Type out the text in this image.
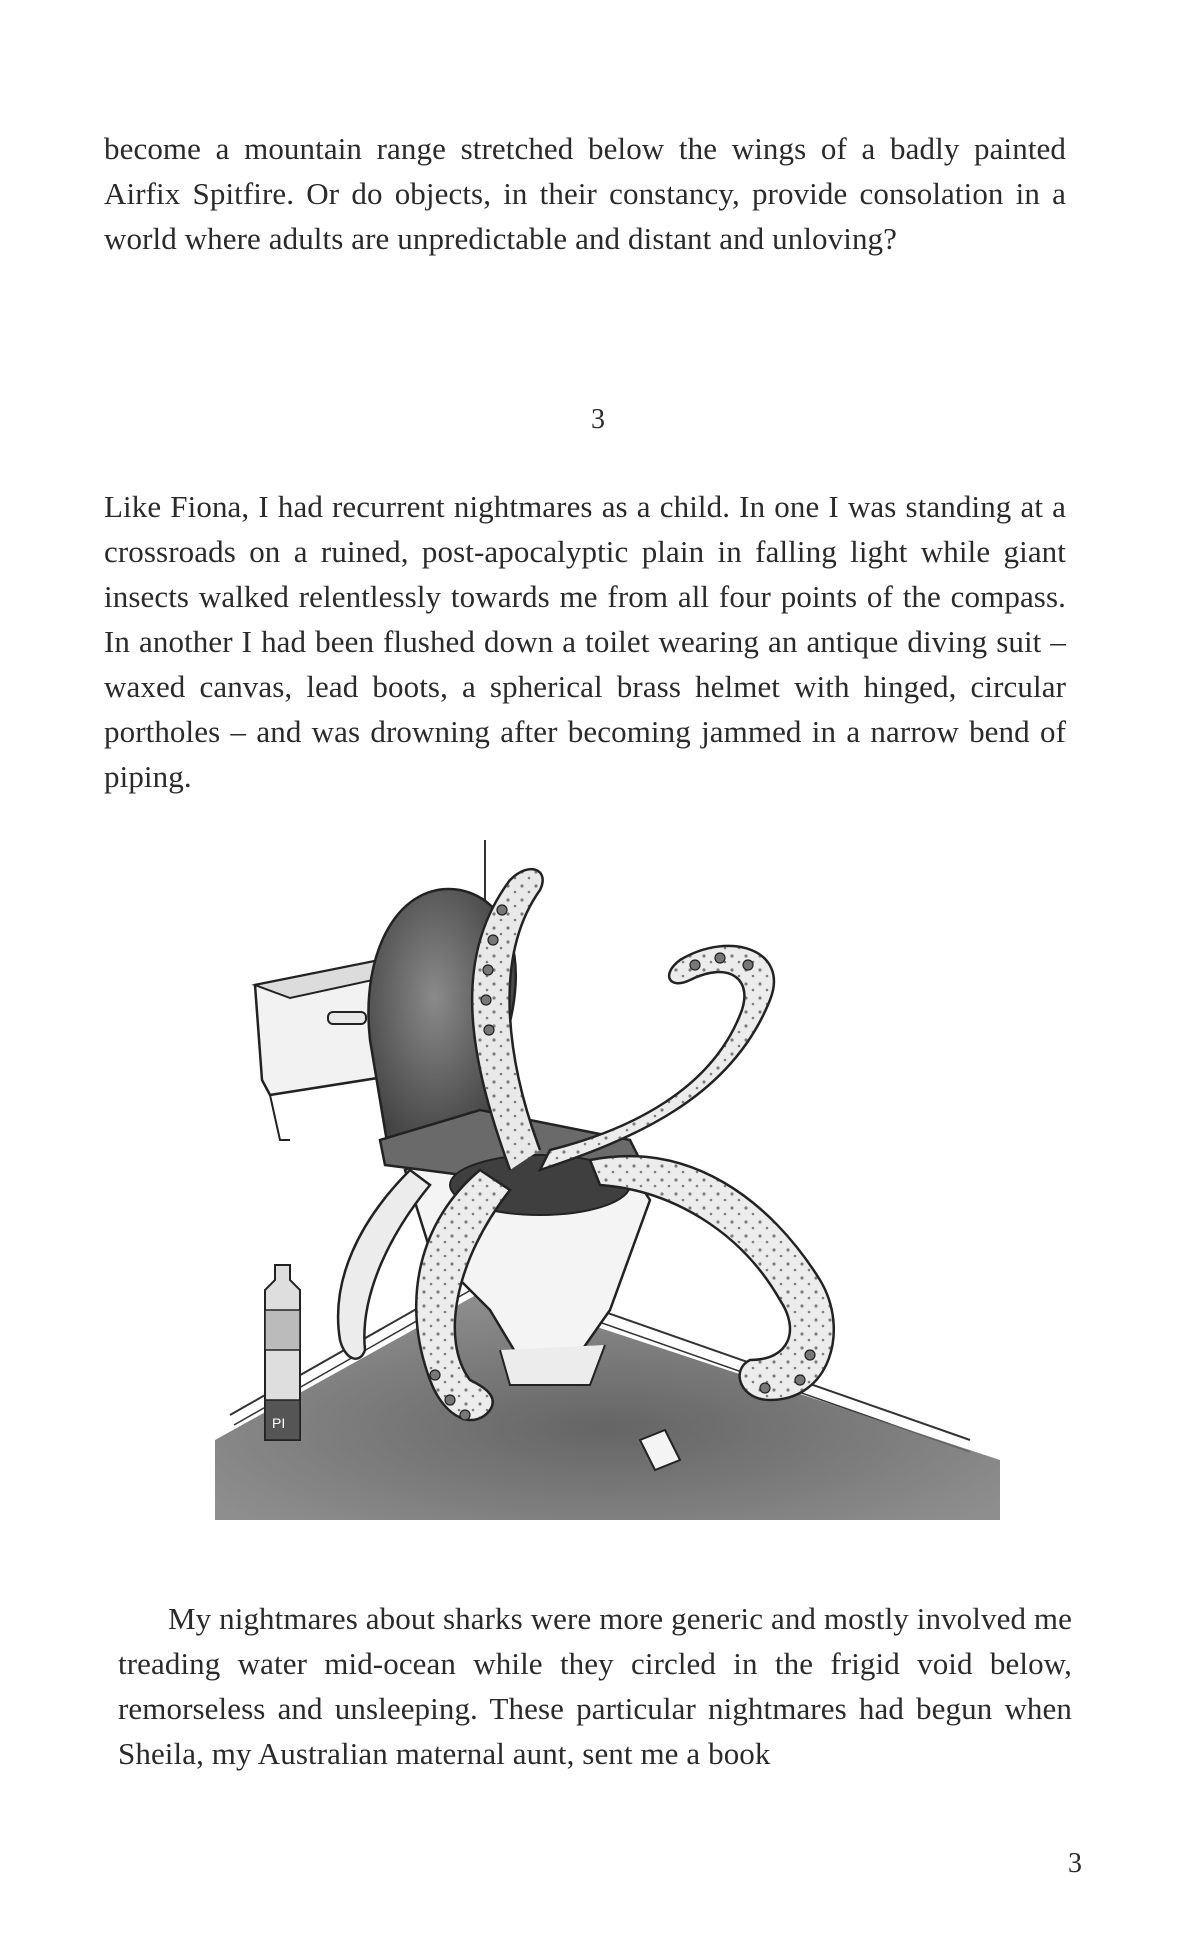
become a mountain range stretched below the wings of a badly painted Airfix Spitfire. Or do objects, in their constancy, provide consolation in a world where adults are unpredictable and distant and unloving?

3

Like Fiona, I had recurrent nightmares as a child. In one I was standing at a crossroads on a ruined, post-apocalyptic plain in falling light while giant insects walked relentlessly towards me from all four points of the compass. In another I had been flushed down a toilet wearing an antique diving suit – waxed canvas, lead boots, a spherical brass helmet with hinged, circular portholes – and was drowning after becoming jammed in a narrow bend of piping.

PI

My nightmares about sharks were more generic and mostly involved me treading water mid-ocean while they circled in the frigid void below, remorseless and unsleeping. These particular nightmares had begun when Sheila, my Australian maternal aunt, sent me a book

3
